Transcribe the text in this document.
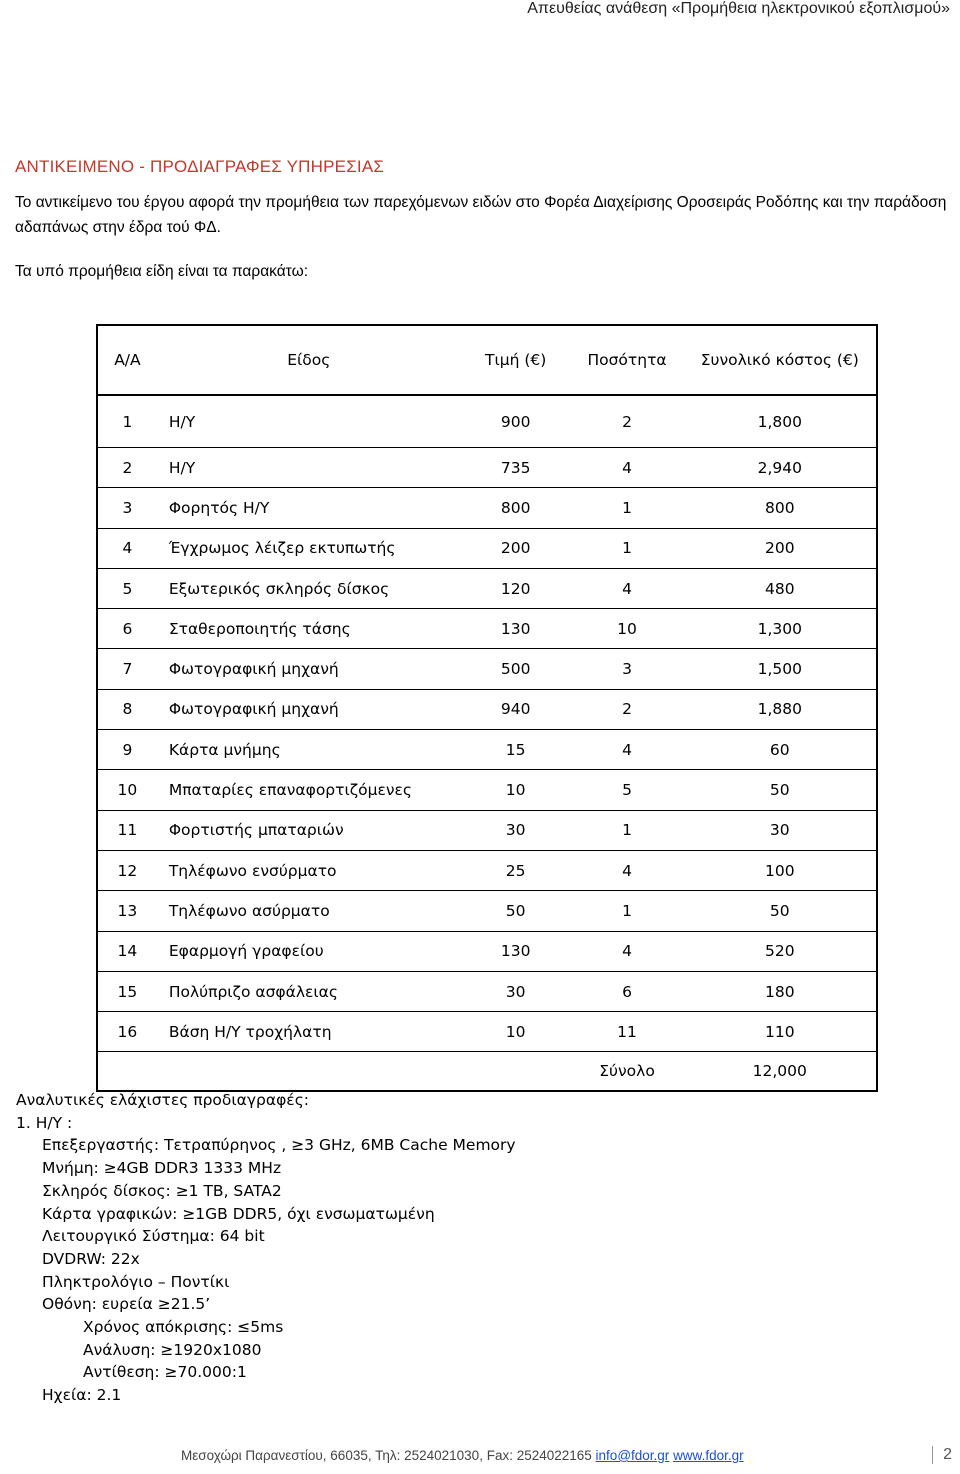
Απευθείας ανάθεση «Προμήθεια ηλεκτρονικού εξοπλισμού»
ΑΝΤΙΚΕΙΜΕΝΟ - ΠΡΟΔΙΑΓΡΑΦΕΣ ΥΠΗΡΕΣΙΑΣ
Το αντικείμενο του έργου αφορά την προμήθεια των παρεχόμενων ειδών στο Φορέα Διαχείρισης Οροσειράς Ροδόπης και την παράδοση αδαπάνως στην έδρα τού ΦΔ.
Τα υπό προμήθεια είδη είναι τα παρακάτω:
Α/Α	Είδος	Τιμή (€)	Ποσότητα	Συνολικό κόστος (€)
1	Η/Υ	900	2	1,800
2	Η/Υ	735	4	2,940
3	Φορητός Η/Υ	800	1	800
4	Έγχρωμος λέιζερ εκτυπωτής	200	1	200
5	Εξωτερικός σκληρός δίσκος	120	4	480
6	Σταθεροποιητής τάσης	130	10	1,300
7	Φωτογραφική μηχανή	500	3	1,500
8	Φωτογραφική μηχανή	940	2	1,880
9	Κάρτα μνήμης	15	4	60
10	Μπαταρίες επαναφορτιζόμενες	10	5	50
11	Φορτιστής μπαταριών	30	1	30
12	Τηλέφωνο ενσύρματο	25	4	100
13	Τηλέφωνο ασύρματο	50	1	50
14	Εφαρμογή γραφείου	130	4	520
15	Πολύπριζο ασφάλειας	30	6	180
16	Βάση Η/Υ τροχήλατη	10	11	110
			Σύνολο	12,000
Αναλυτικές ελάχιστες προδιαγραφές:
1. Η/Υ :
Επεξεργαστής: Τετραπύρηνος , ≥3 GHz, 6MB Cache Memory
Μνήμη: ≥4GB DDR3 1333 MHz
Σκληρός δίσκος: ≥1 TB, SATA2
Κάρτα γραφικών: ≥1GB DDR5, όχι ενσωματωμένη
Λειτουργικό Σύστημα: 64 bit
DVDRW: 22x
Πληκτρολόγιο – Ποντίκι
Οθόνη: ευρεία ≥21.5’
Χρόνος απόκρισης: ≤5ms
Ανάλυση: ≥1920x1080
Αντίθεση: ≥70.000:1
Ηχεία: 2.1
Μεσοχώρι Παρανεστίου, 66035, Τηλ: 2524021030, Fax: 2524022165 info@fdor.gr www.fdor.gr	2
